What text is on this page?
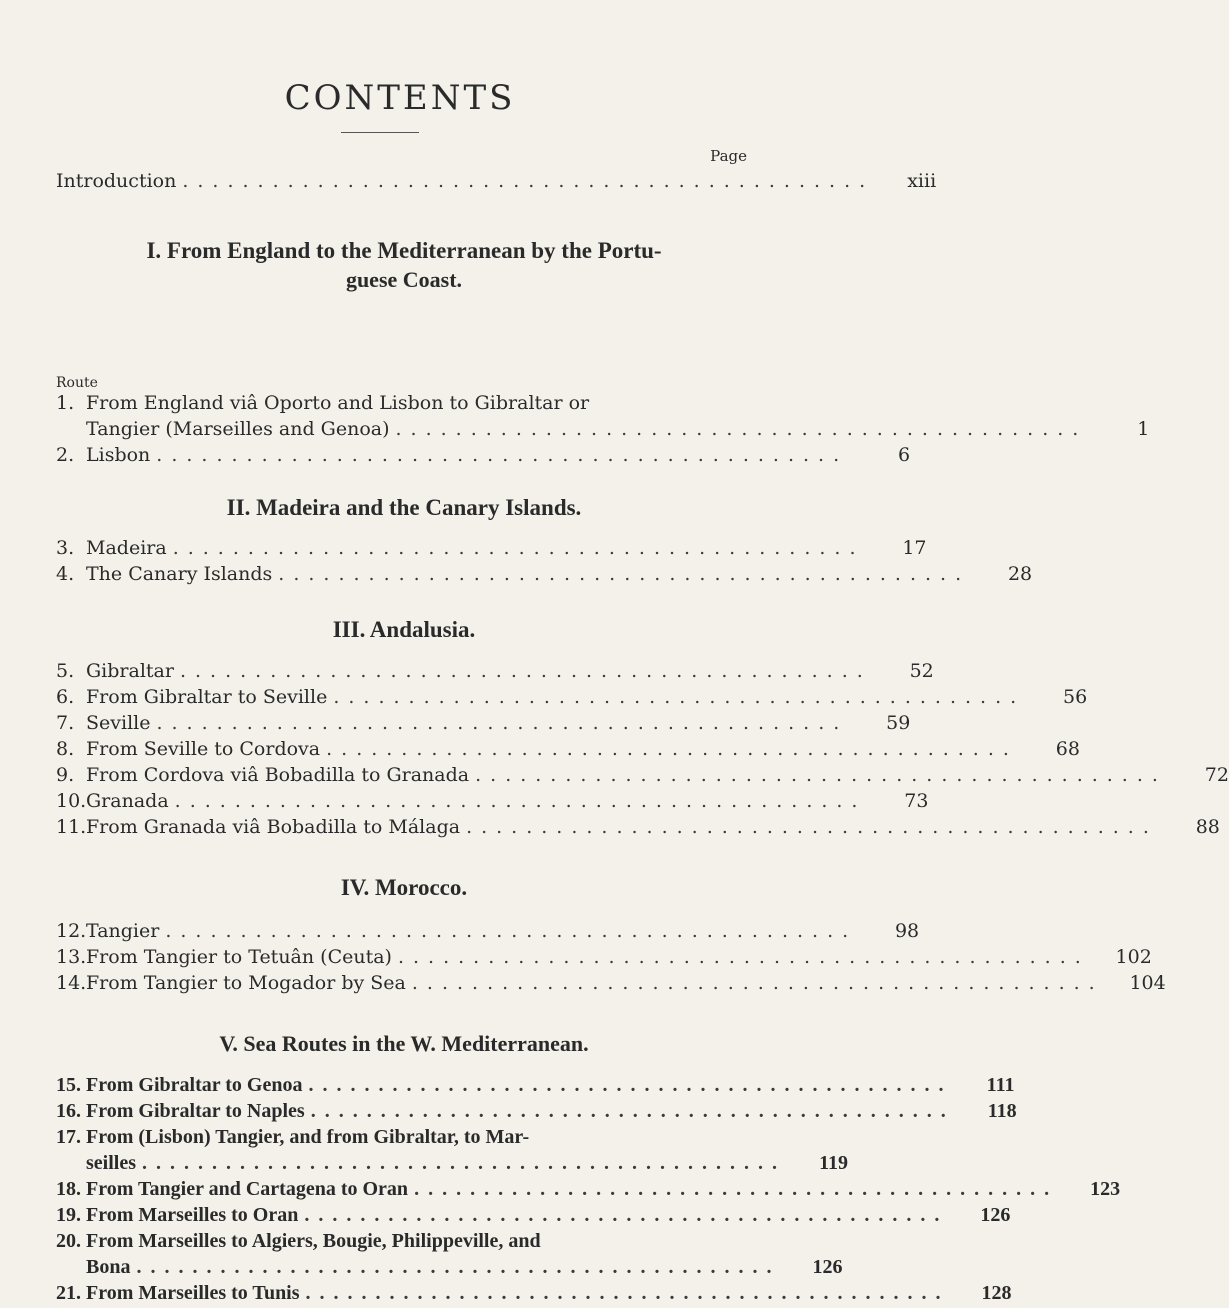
CONTENTS
Page
Introduction ..............................................	xiii
I. From England to the Mediterranean by the Portu-
guese Coast.
Route
1. From England viâ Oporto and Lisbon to Gibraltar or
Tangier (Marseilles and Genoa) ..............................................	1
2. Lisbon ..............................................	6
II. Madeira and the Canary Islands.
3. Madeira ..............................................	17
4. The Canary Islands ..............................................	28
III. Andalusia.
5. Gibraltar ..............................................	52
6. From Gibraltar to Seville ..............................................	56
7. Seville ..............................................	59
8. From Seville to Cordova ..............................................	68
9. From Cordova viâ Bobadilla to Granada ..............................................	72
10. Granada ..............................................	73
11. From Granada viâ Bobadilla to Málaga ..............................................	88
IV. Morocco.
12. Tangier ..............................................	98
13. From Tangier to Tetuân (Ceuta) ..............................................	102
14. From Tangier to Mogador by Sea ..............................................	104
V. Sea Routes in the W. Mediterranean.
15. From Gibraltar to Genoa ..............................................	111
16. From Gibraltar to Naples ..............................................	118
17. From (Lisbon) Tangier, and from Gibraltar, to Mar-
seilles ..............................................	119
18. From Tangier and Cartagena to Oran ..............................................	123
19. From Marseilles to Oran ..............................................	126
20. From Marseilles to Algiers, Bougie, Philippeville, and
Bona ..............................................	126
21. From Marseilles to Tunis ..............................................	128
